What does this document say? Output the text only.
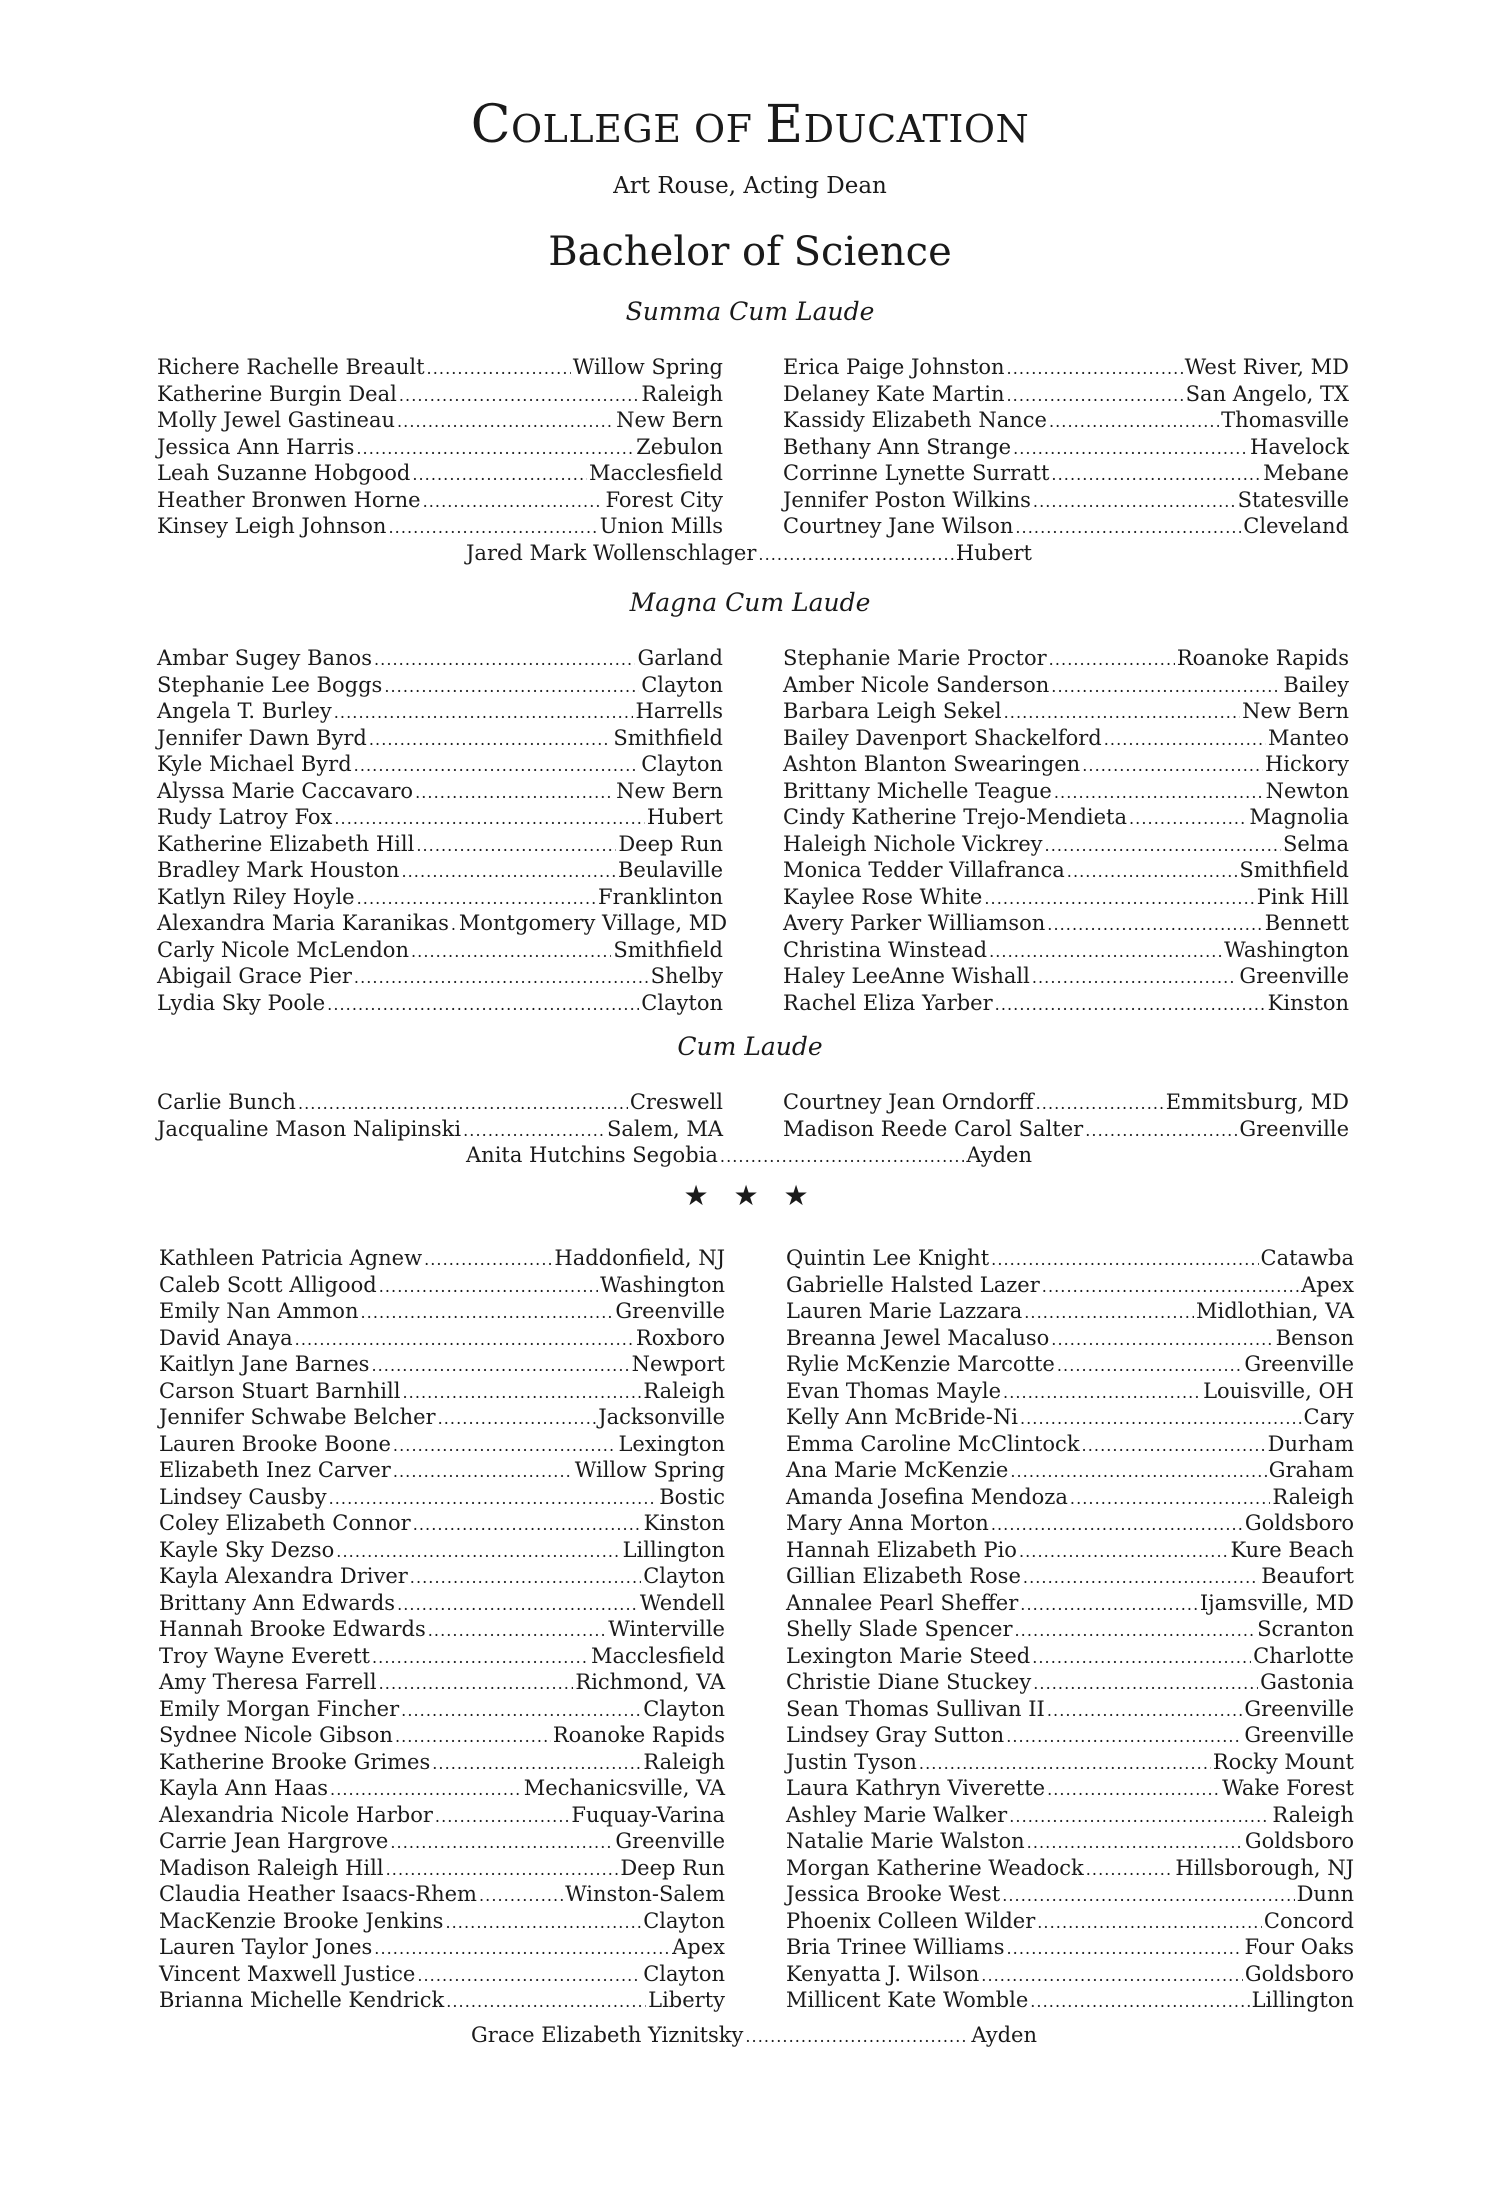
COLLEGE OF EDUCATION
Art Rouse, Acting Dean
Bachelor of Science
Summa Cum Laude
Richere Rachelle Breault . . .	Willow Spring
Katherine Burgin Deal . . .	Raleigh
Molly Jewel Gastineau . . .	New Bern
Jessica Ann Harris . . .	Zebulon
Leah Suzanne Hobgood . . .	Macclesfield
Heather Bronwen Horne . . .	Forest City
Kinsey Leigh Johnson . . .	Union Mills
Erica Paige Johnston . . .	West River, MD
Delaney Kate Martin . . .	San Angelo, TX
Kassidy Elizabeth Nance . . .	Thomasville
Bethany Ann Strange . . .	Havelock
Corrinne Lynette Surratt . . .	Mebane
Jennifer Poston Wilkins . . .	Statesville
Courtney Jane Wilson . . .	Cleveland
Jared Mark Wollenschlager . . .	Hubert
Magna Cum Laude
Ambar Sugey Banos . . .	Garland
Stephanie Lee Boggs . . .	Clayton
Angela T. Burley . . .	Harrells
Jennifer Dawn Byrd . . .	Smithfield
Kyle Michael Byrd . . .	Clayton
Alyssa Marie Caccavaro . . .	New Bern
Rudy Latroy Fox . . .	Hubert
Katherine Elizabeth Hill . . .	Deep Run
Bradley Mark Houston . . .	Beulaville
Katlyn Riley Hoyle . . .	Franklinton
Alexandra Maria Karanikas . . . Montgomery Village, MD
Carly Nicole McLendon . . .	Smithfield
Abigail Grace Pier . . .	Shelby
Lydia Sky Poole . . .	Clayton
Stephanie Marie Proctor . . .	Roanoke Rapids
Amber Nicole Sanderson . . .	Bailey
Barbara Leigh Sekel . . .	New Bern
Bailey Davenport Shackelford . . .	Manteo
Ashton Blanton Swearingen . . .	Hickory
Brittany Michelle Teague . . .	Newton
Cindy Katherine Trejo-Mendieta . . .	Magnolia
Haleigh Nichole Vickrey . . .	Selma
Monica Tedder Villafranca . . .	Smithfield
Kaylee Rose White . . .	Pink Hill
Avery Parker Williamson . . .	Bennett
Christina Winstead . . .	Washington
Haley LeeAnne Wishall . . .	Greenville
Rachel Eliza Yarber . . .	Kinston
Cum Laude
Carlie Bunch . . .	Creswell
Jacqualine Mason Nalipinski . . .	Salem, MA
Courtney Jean Orndorff . . .	Emmitsburg, MD
Madison Reede Carol Salter . . .	Greenville
Anita Hutchins Segobia . . .	Ayden
★ ★ ★
Kathleen Patricia Agnew . . .	Haddonfield, NJ
Caleb Scott Alligood . . .	Washington
Emily Nan Ammon . . .	Greenville
David Anaya . . .	Roxboro
Kaitlyn Jane Barnes . . .	Newport
Carson Stuart Barnhill . . .	Raleigh
Jennifer Schwabe Belcher . . .	Jacksonville
Lauren Brooke Boone . . .	Lexington
Elizabeth Inez Carver . . .	Willow Spring
Lindsey Causby . . .	Bostic
Coley Elizabeth Connor . . .	Kinston
Kayle Sky Dezso . . .	Lillington
Kayla Alexandra Driver . . .	Clayton
Brittany Ann Edwards . . .	Wendell
Hannah Brooke Edwards . . .	Winterville
Troy Wayne Everett . . .	Macclesfield
Amy Theresa Farrell . . .	Richmond, VA
Emily Morgan Fincher . . .	Clayton
Sydnee Nicole Gibson . . .	Roanoke Rapids
Katherine Brooke Grimes . . .	Raleigh
Kayla Ann Haas . . .	Mechanicsville, VA
Alexandria Nicole Harbor . . .	Fuquay-Varina
Carrie Jean Hargrove . . .	Greenville
Madison Raleigh Hill . . .	Deep Run
Claudia Heather Isaacs-Rhem . . .	Winston-Salem
MacKenzie Brooke Jenkins . . .	Clayton
Lauren Taylor Jones . . .	Apex
Vincent Maxwell Justice . . .	Clayton
Brianna Michelle Kendrick . . .	Liberty
Quintin Lee Knight . . .	Catawba
Gabrielle Halsted Lazer . . .	Apex
Lauren Marie Lazzara . . .	Midlothian, VA
Breanna Jewel Macaluso . . .	Benson
Rylie McKenzie Marcotte . . .	Greenville
Evan Thomas Mayle . . .	Louisville, OH
Kelly Ann McBride-Ni . . .	Cary
Emma Caroline McClintock . . .	Durham
Ana Marie McKenzie . . .	Graham
Amanda Josefina Mendoza . . .	Raleigh
Mary Anna Morton . . .	Goldsboro
Hannah Elizabeth Pio . . .	Kure Beach
Gillian Elizabeth Rose . . .	Beaufort
Annalee Pearl Sheffer . . .	Ijamsville, MD
Shelly Slade Spencer . . .	Scranton
Lexington Marie Steed . . .	Charlotte
Christie Diane Stuckey . . .	Gastonia
Sean Thomas Sullivan II . . .	Greenville
Lindsey Gray Sutton . . .	Greenville
Justin Tyson . . .	Rocky Mount
Laura Kathryn Viverette . . .	Wake Forest
Ashley Marie Walker . . .	Raleigh
Natalie Marie Walston . . .	Goldsboro
Morgan Katherine Weadock . . .	Hillsborough, NJ
Jessica Brooke West . . .	Dunn
Phoenix Colleen Wilder . . .	Concord
Bria Trinee Williams . . .	Four Oaks
Kenyatta J. Wilson . . .	Goldsboro
Millicent Kate Womble . . .	Lillington
Grace Elizabeth Yiznitsky . . .	Ayden
